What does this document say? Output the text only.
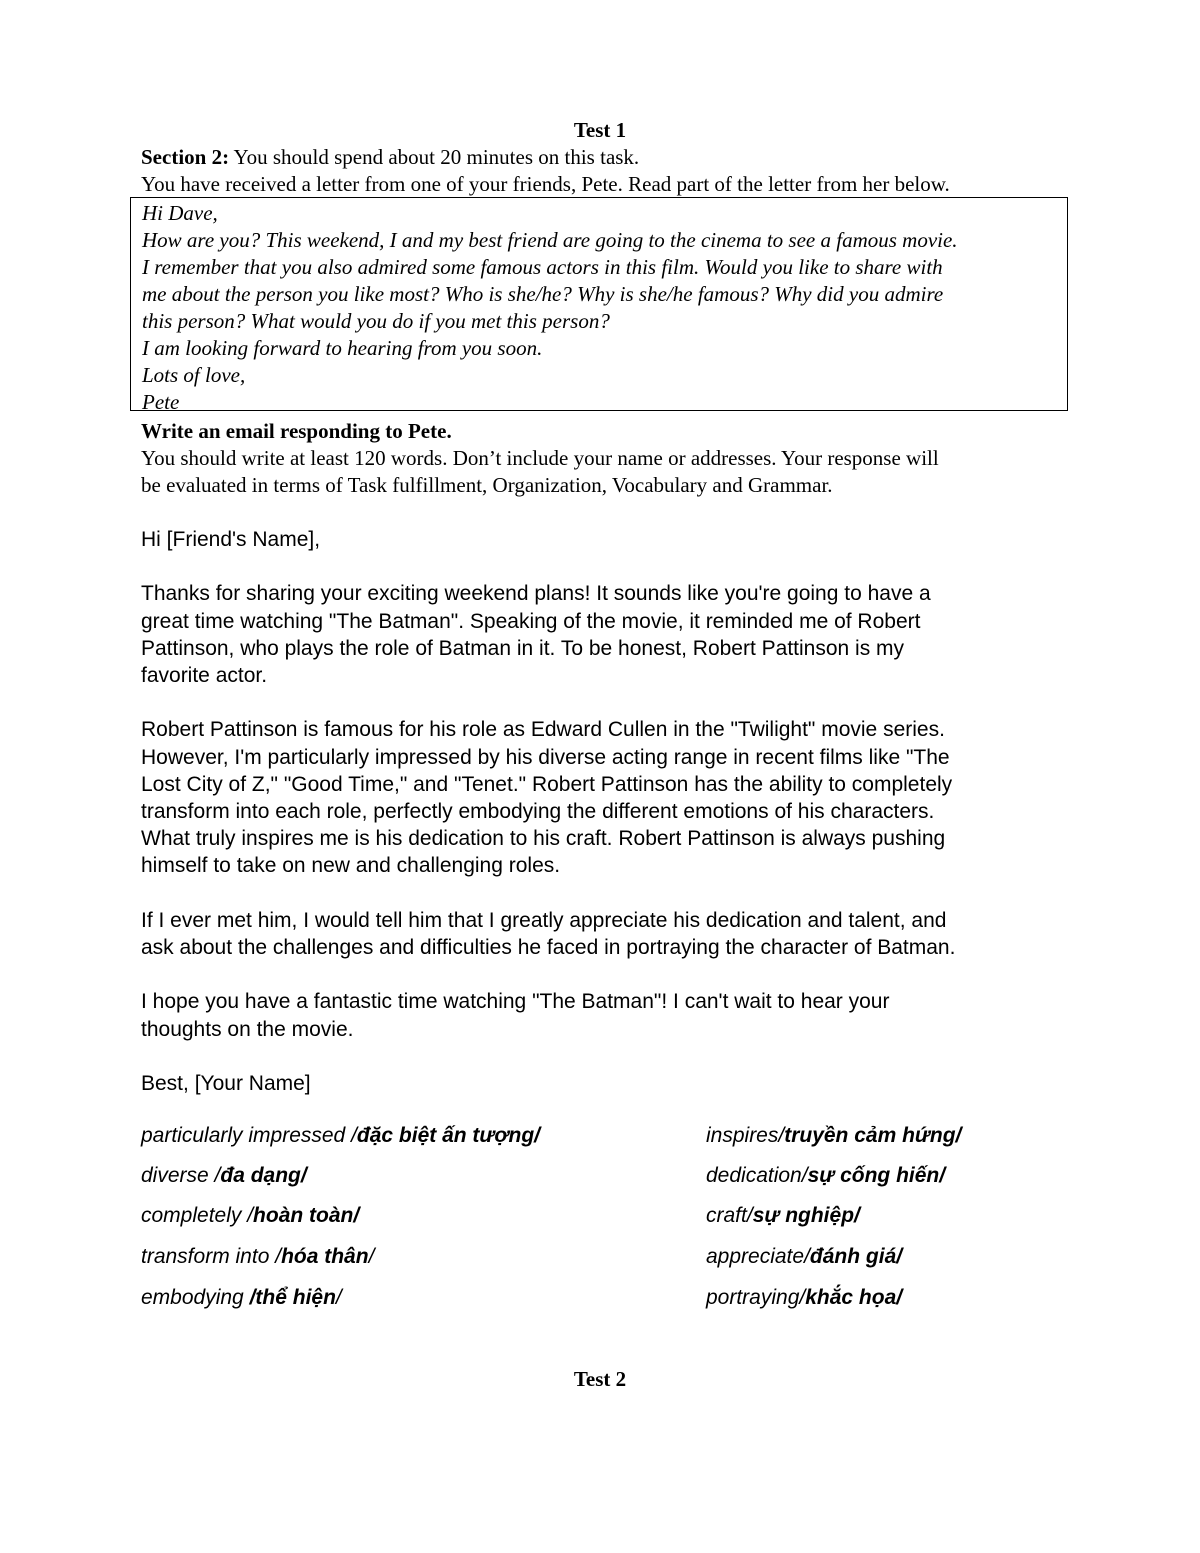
Test 1
Section 2: You should spend about 20 minutes on this task.
You have received a letter from one of your friends, Pete. Read part of the letter from her below.
Hi Dave,
How are you? This weekend, I and my best friend are going to the cinema to see a famous movie.
I remember that you also admired some famous actors in this film. Would you like to share with
me about the person you like most? Who is she/he? Why is she/he famous? Why did you admire
this person? What would you do if you met this person?
I am looking forward to hearing from you soon.
Lots of love,
Pete
Write an email responding to Pete.
You should write at least 120 words. Don’t include your name or addresses. Your response will
be evaluated in terms of Task fulfillment, Organization, Vocabulary and Grammar.

Hi [Friend's Name],

Thanks for sharing your exciting weekend plans! It sounds like you're going to have a

great time watching "The Batman". Speaking of the movie, it reminded me of Robert

Pattinson, who plays the role of Batman in it. To be honest, Robert Pattinson is my

favorite actor.

Robert Pattinson is famous for his role as Edward Cullen in the "Twilight" movie series.

However, I'm particularly impressed by his diverse acting range in recent films like "The

Lost City of Z," "Good Time," and "Tenet." Robert Pattinson has the ability to completely

transform into each role, perfectly embodying the different emotions of his characters.

What truly inspires me is his dedication to his craft. Robert Pattinson is always pushing

himself to take on new and challenging roles.

If I ever met him, I would tell him that I greatly appreciate his dedication and talent, and

ask about the challenges and difficulties he faced in portraying the character of Batman.

I hope you have a fantastic time watching "The Batman"! I can't wait to hear your

thoughts on the movie.

Best, [Your Name]

particularly impressed /đặc biệt ấn tượng/
diverse /đa dạng/
completely /hoàn toàn/
transform into /hóa thân/
embodying /thể hiện/
inspires/truyền cảm hứng/
dedication/sự cống hiến/
craft/sự nghiệp/
appreciate/đánh giá/
portraying/khắc họa/
Test 2
